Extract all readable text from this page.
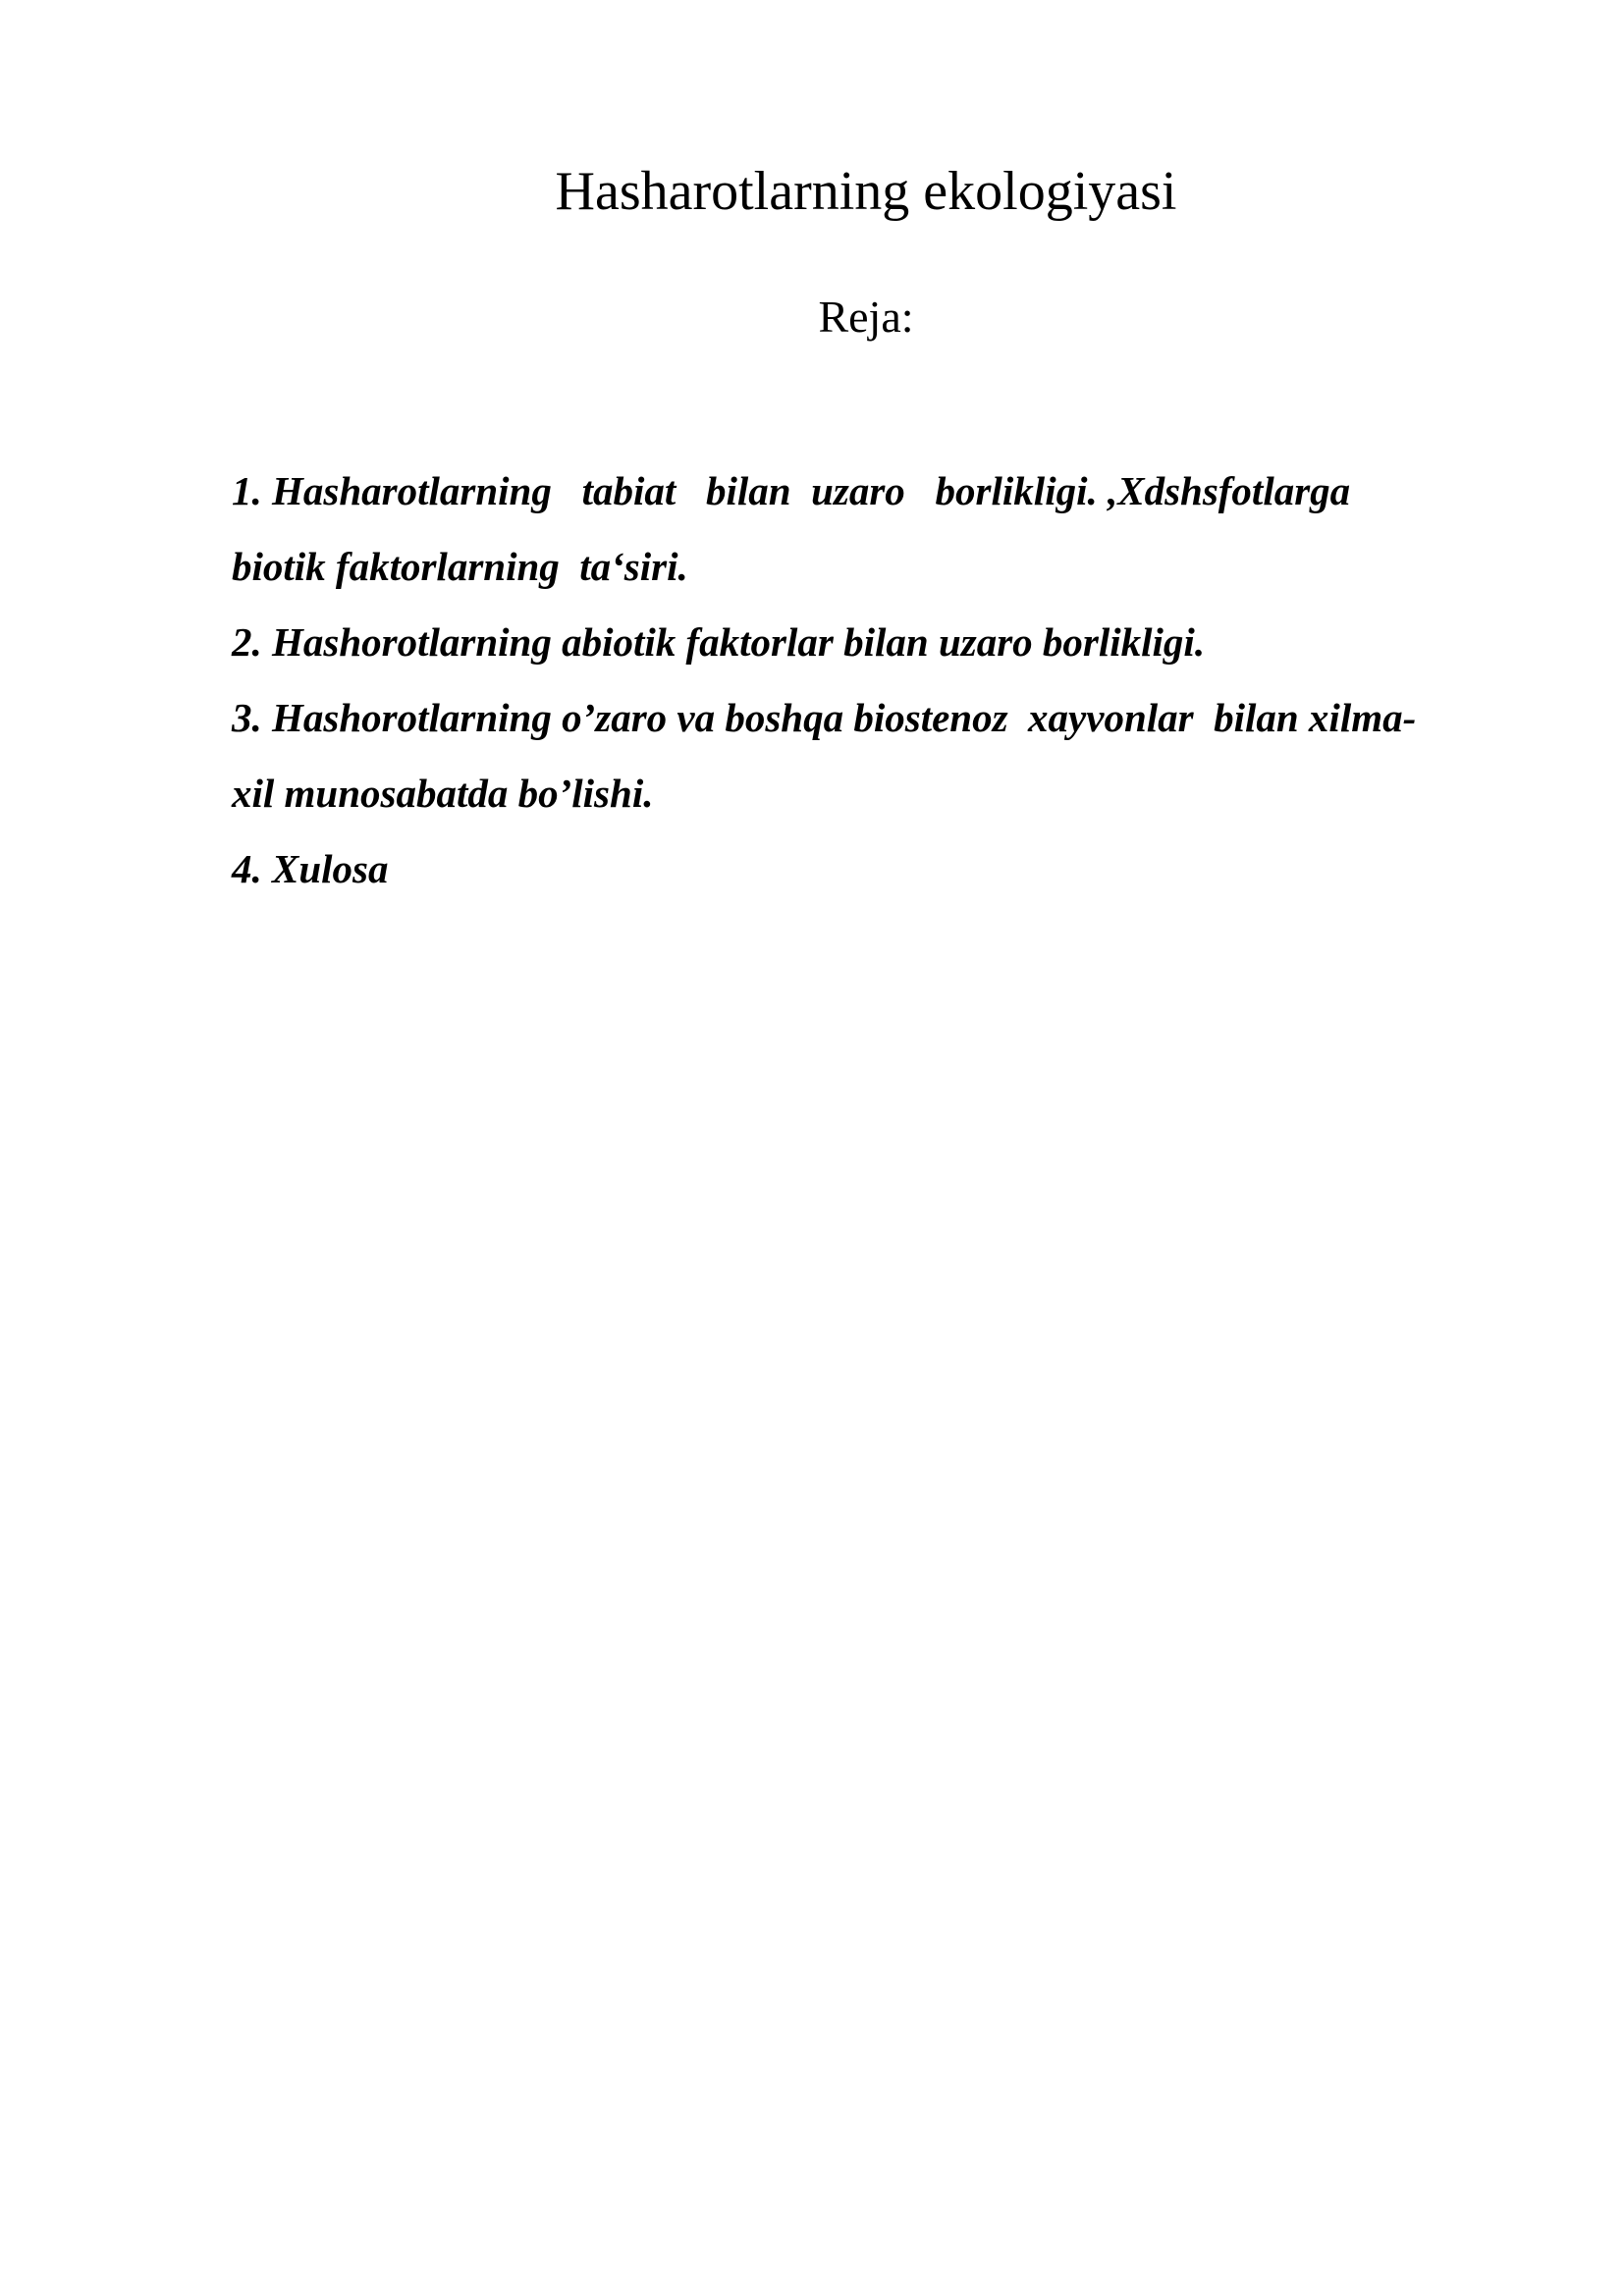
Hasharotlarning ekologiyasi
Reja:
1. Hasharotlarning   tabiat   bilan  uzaro   borlikligi. ,Xdshsfotlarga
biotik faktorlarning  ta‘siri.
2. Hashorotlarning abiotik faktorlar bilan uzaro borlikligi.
3. Hashorotlarning o’zaro va boshqa biostenoz  xayvonlar  bilan xilma-
xil munosabatda bo’lishi.
4. Xulosa
